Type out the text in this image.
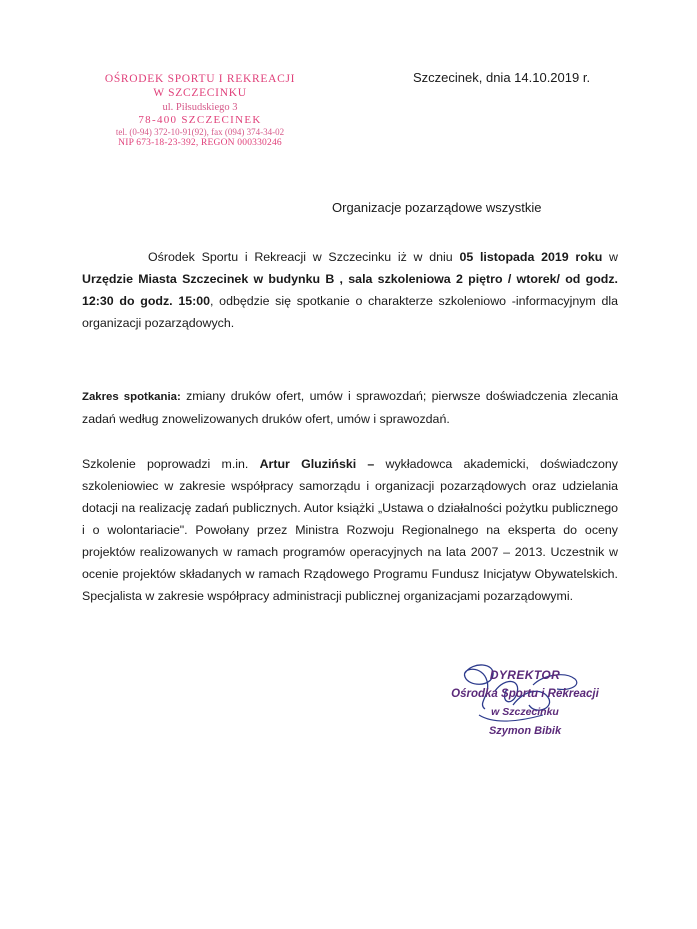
OŚRODEK SPORTU I REKREACJI
W SZCZECINKU
ul. Piłsudskiego 3
78-400 SZCZECINEK
tel. (0-94) 372-10-91(92), fax (094) 374-34-02
NIP 673-18-23-392, REGON 000330246
Szczecinek, dnia 14.10.2019 r.
Organizacje pozarządowe wszystkie

Ośrodek Sportu i Rekreacji w Szczecinku iż w dniu 05 listopada 2019 roku w Urzędzie Miasta Szczecinek w budynku B , sala szkoleniowa 2 piętro / wtorek/ od godz. 12:30 do godz. 15:00, odbędzie się spotkanie o charakterze szkoleniowo -informacyjnym dla organizacji pozarządowych.

Zakres spotkania: zmiany druków ofert, umów i sprawozdań; pierwsze doświadczenia zlecania zadań według znowelizowanych druków ofert, umów i sprawozdań.

Szkolenie poprowadzi m.in. Artur Gluziński – wykładowca akademicki, doświadczony szkoleniowiec w zakresie współpracy samorządu i organizacji pozarządowych oraz udzielania dotacji na realizację zadań publicznych. Autor książki „Ustawa o działalności pożytku publicznego i o wolontariacie". Powołany przez Ministra Rozwoju Regionalnego na eksperta do oceny projektów realizowanych w ramach programów operacyjnych na lata 2007 – 2013. Uczestnik w ocenie projektów składanych w ramach Rządowego Programu Fundusz Inicjatyw Obywatelskich. Specjalista w zakresie współpracy administracji publicznej organizacjami pozarządowymi.

DYREKTOR
Ośrodka Sportu i Rekreacji
w Szczecinku
Szymon Bibik
